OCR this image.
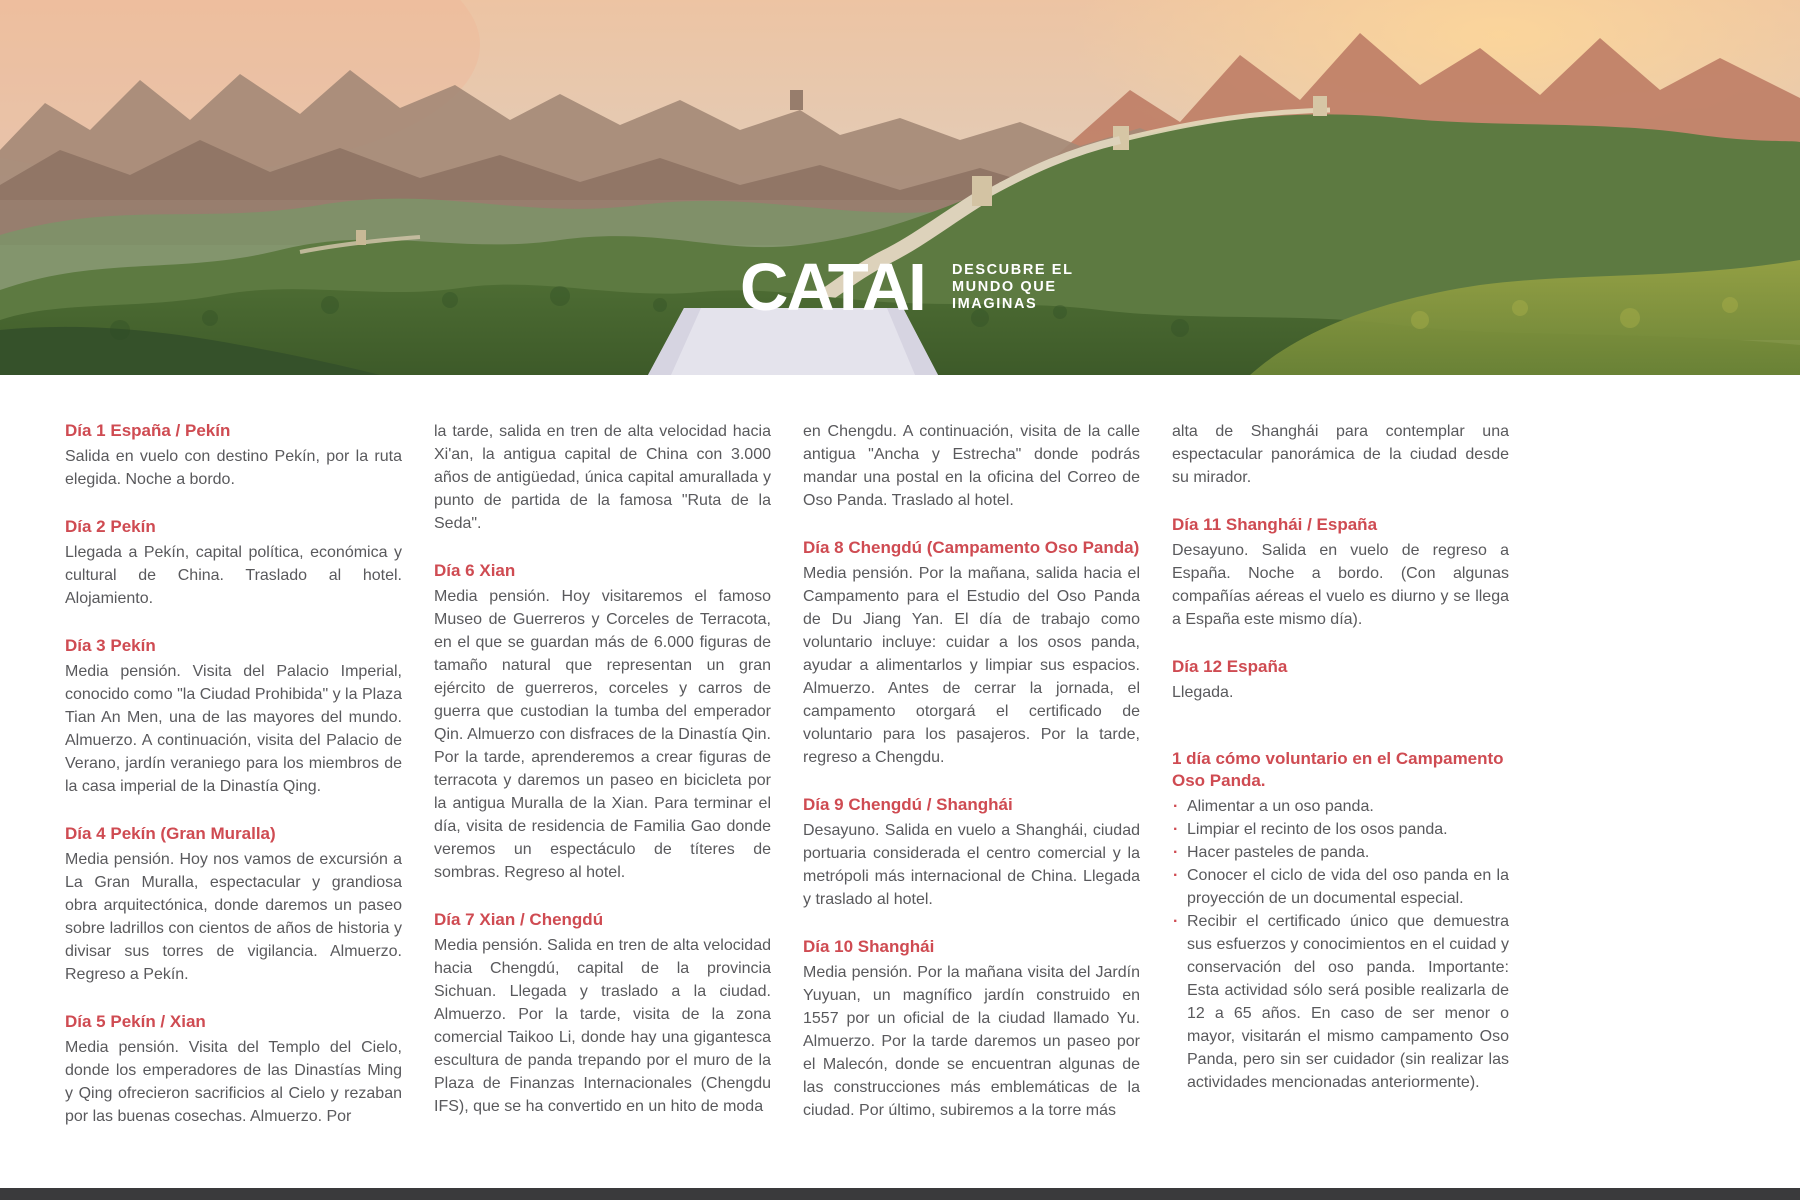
CATAI DESCUBRE EL
MUNDO QUE
IMAGINAS
Día 1 España / Pekín

Salida en vuelo con destino Pekín, por la ruta elegida. Noche a bordo.

Día 2 Pekín

Llegada a Pekín, capital política, económica y cultural de China. Traslado al hotel. Alojamiento.

Día 3 Pekín

Media pensión. Visita del Palacio Imperial, conocido como "la Ciudad Prohibida" y la Plaza Tian An Men, una de las mayores del mundo. Almuerzo. A continuación, visita del Palacio de Verano, jardín veraniego para los miembros de la casa imperial de la Dinastía Qing.

Día 4 Pekín (Gran Muralla)

Media pensión. Hoy nos vamos de excursión a La Gran Muralla, espectacular y grandiosa obra arquitectónica, donde daremos un paseo sobre ladrillos con cientos de años de historia y divisar sus torres de vigilancia. Almuerzo. Regreso a Pekín.

Día 5 Pekín / Xian

Media pensión. Visita del Templo del Cielo, donde los emperadores de las Dinastías Ming y Qing ofrecieron sacrificios al Cielo y rezaban por las buenas cosechas. Almuerzo. Por

la tarde, salida en tren de alta velocidad hacia Xi'an, la antigua capital de China con 3.000 años de antigüedad, única capital amurallada y punto de partida de la famosa "Ruta de la Seda".

Día 6 Xian

Media pensión. Hoy visitaremos el famoso Museo de Guerreros y Corceles de Terracota, en el que se guardan más de 6.000 figuras de tamaño natural que representan un gran ejército de guerreros, corceles y carros de guerra que custodian la tumba del emperador Qin. Almuerzo con disfraces de la Dinastía Qin. Por la tarde, aprenderemos a crear figuras de terracota y daremos un paseo en bicicleta por la antigua Muralla de la Xian. Para terminar el día, visita de residencia de Familia Gao donde veremos un espectáculo de títeres de sombras. Regreso al hotel.

Día 7 Xian / Chengdú

Media pensión. Salida en tren de alta velocidad hacia Chengdú, capital de la provincia Sichuan. Llegada y traslado a la ciudad. Almuerzo. Por la tarde, visita de la zona comercial Taikoo Li, donde hay una gigantesca escultura de panda trepando por el muro de la Plaza de Finanzas Internacionales (Chengdu IFS), que se ha convertido en un hito de moda

en Chengdu. A continuación, visita de la calle antigua "Ancha y Estrecha" donde podrás mandar una postal en la oficina del Correo de Oso Panda. Traslado al hotel.

Día 8 Chengdú (Campamento Oso Panda)

Media pensión. Por la mañana, salida hacia el Campamento para el Estudio del Oso Panda de Du Jiang Yan. El día de trabajo como voluntario incluye: cuidar a los osos panda, ayudar a alimentarlos y limpiar sus espacios. Almuerzo. Antes de cerrar la jornada, el campamento otorgará el certificado de voluntario para los pasajeros. Por la tarde, regreso a Chengdu.

Día 9 Chengdú / Shanghái

Desayuno. Salida en vuelo a Shanghái, ciudad portuaria considerada el centro comercial y la metrópoli más internacional de China. Llegada y traslado al hotel.

Día 10 Shanghái

Media pensión. Por la mañana visita del Jardín Yuyuan, un magnífico jardín construido en 1557 por un oficial de la ciudad llamado Yu. Almuerzo. Por la tarde daremos un paseo por el Malecón, donde se encuentran algunas de las construcciones más emblemáticas de la ciudad. Por último, subiremos a la torre más

alta de Shanghái para contemplar una espectacular panorámica de la ciudad desde su mirador.

Día 11 Shanghái / España

Desayuno. Salida en vuelo de regreso a España. Noche a bordo. (Con algunas compañías aéreas el vuelo es diurno y se llega a España este mismo día).

Día 12 España

Llegada.

1 día cómo voluntario en el Campamento Oso Panda.

· Alimentar a un oso panda.

· Limpiar el recinto de los osos panda.

· Hacer pasteles de panda.

· Conocer el ciclo de vida del oso panda en la proyección de un documental especial.

· Recibir el certificado único que demuestra sus esfuerzos y conocimientos en el cuidad y conservación del oso panda. Importante: Esta actividad sólo será posible realizarla de 12 a 65 años. En caso de ser menor o mayor, visitarán el mismo campamento Oso Panda, pero sin ser cuidador (sin realizar las actividades mencionadas anteriormente).
